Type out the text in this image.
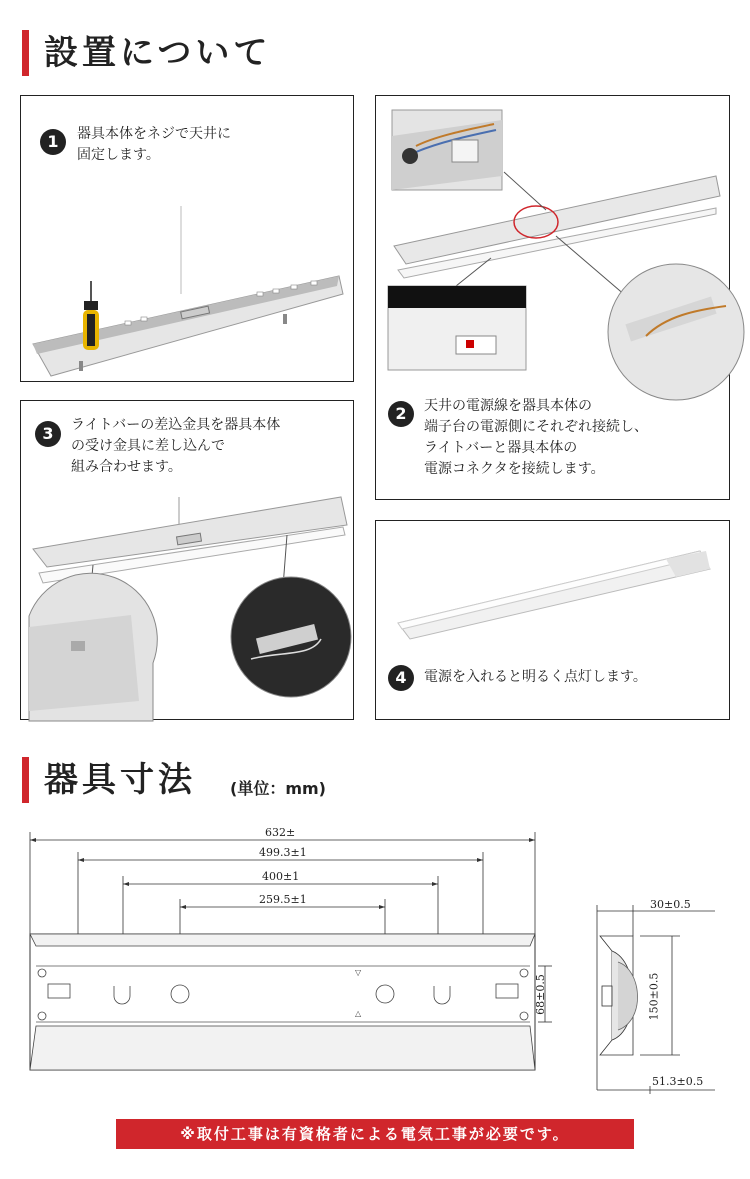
設置について
1	器具本体をネジで天井に
固定します。
2	天井の電源線を器具本体の
端子台の電源側にそれぞれ接続し、
ライトバーと器具本体の
電源コネクタを接続します。
3	ライトバーの差込金具を器具本体
の受け金具に差し込んで
組み合わせます。
4	電源を入れると明るく点灯します。
器具寸法 (単位：mm)
▽
△
632±
499.3±1
400±1
259.5±1
68±0.5
30±0.5
150±0.5
51.3±0.5
※取付工事は有資格者による電気工事が必要です。
